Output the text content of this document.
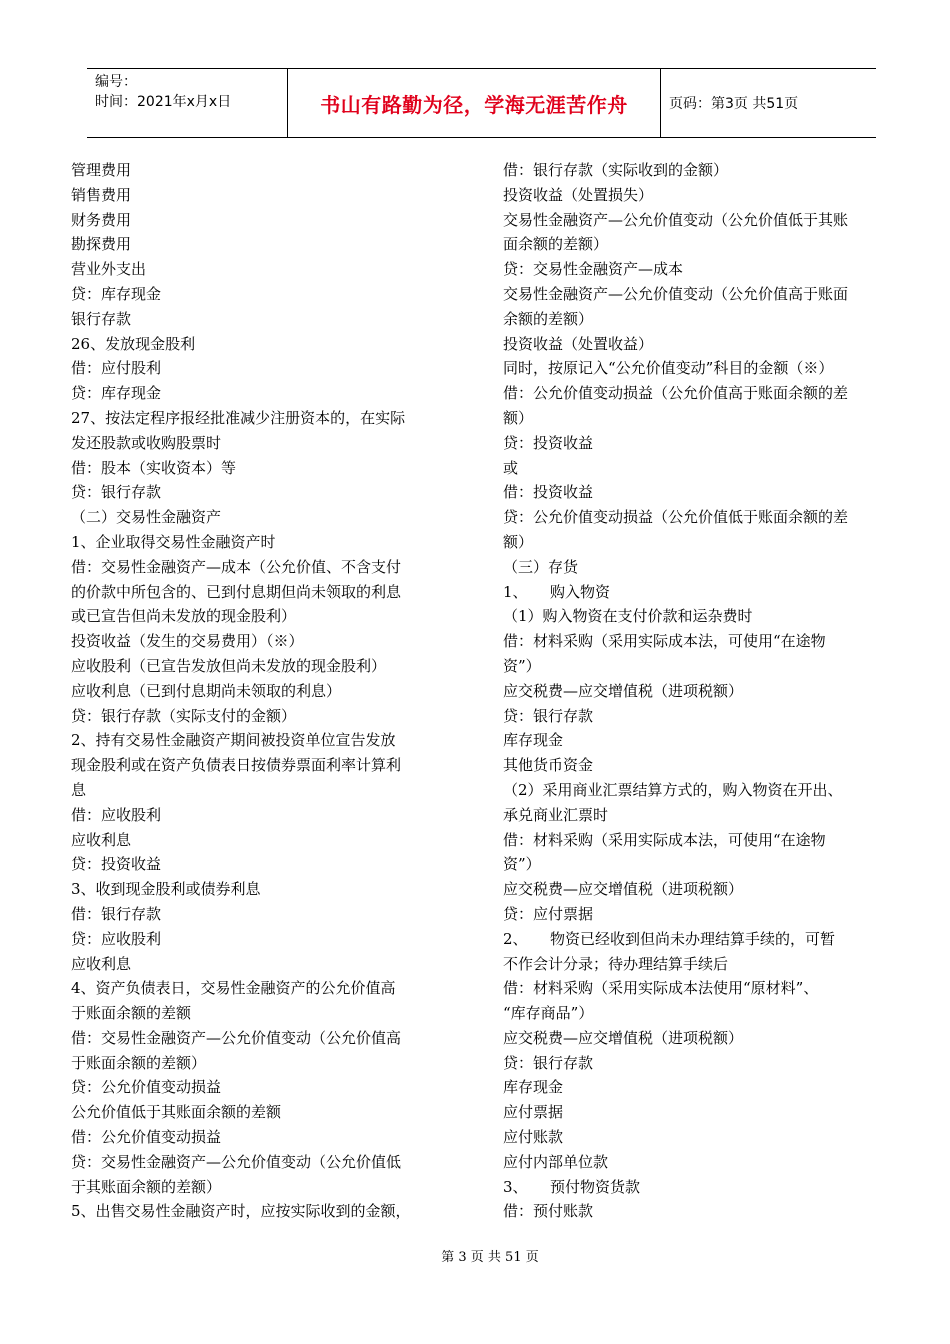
编号：
时间：2021年x月x日	书山有路勤为径，学海无涯苦作舟	页码：第3页 共51页
管理费用
销售费用
财务费用
勘探费用
营业外支出
贷：库存现金
银行存款
26、发放现金股利
借：应付股利
贷：库存现金
27、按法定程序报经批准减少注册资本的，在实际
发还股款或收购股票时
借：股本（实收资本）等
贷：银行存款
（二）交易性金融资产
1、企业取得交易性金融资产时
借：交易性金融资产—成本（公允价值、不含支付
的价款中所包含的、已到付息期但尚未领取的利息
或已宣告但尚未发放的现金股利）
投资收益（发生的交易费用）（※）
应收股利（已宣告发放但尚未发放的现金股利）
应收利息（已到付息期尚未领取的利息）
贷：银行存款（实际支付的金额）
2、持有交易性金融资产期间被投资单位宣告发放
现金股利或在资产负债表日按债券票面利率计算利
息
借：应收股利
应收利息
贷：投资收益
3、收到现金股利或债券利息
借：银行存款
贷：应收股利
应收利息
4、资产负债表日，交易性金融资产的公允价值高
于账面余额的差额
借：交易性金融资产—公允价值变动（公允价值高
于账面余额的差额）
贷：公允价值变动损益
公允价值低于其账面余额的差额
借：公允价值变动损益
贷：交易性金融资产—公允价值变动（公允价值低
于其账面余额的差额）
5、出售交易性金融资产时，应按实际收到的金额，
借：银行存款（实际收到的金额）
投资收益（处置损失）
交易性金融资产—公允价值变动（公允价值低于其账
面余额的差额）
贷：交易性金融资产—成本
交易性金融资产—公允价值变动（公允价值高于账面
余额的差额）
投资收益（处置收益）
同时，按原记入“公允价值变动”科目的金额（※）
借：公允价值变动损益（公允价值高于账面余额的差
额）
贷：投资收益
或
借：投资收益
贷：公允价值变动损益（公允价值低于账面余额的差
额）
（三）存货
1、　　购入物资
（1）购入物资在支付价款和运杂费时
借：材料采购（采用实际成本法，可使用“在途物
资”）
应交税费—应交增值税（进项税额）
贷：银行存款
库存现金
其他货币资金
（2）采用商业汇票结算方式的，购入物资在开出、
承兑商业汇票时
借：材料采购（采用实际成本法，可使用“在途物
资”）
应交税费—应交增值税（进项税额）
贷：应付票据
2、　　物资已经收到但尚未办理结算手续的，可暂
不作会计分录；待办理结算手续后
借：材料采购（采用实际成本法使用“原材料”、
“库存商品”）
应交税费—应交增值税（进项税额）
贷：银行存款
库存现金
应付票据
应付账款
应付内部单位款
3、　　预付物资货款
借：预付账款
第 3 页 共 51 页
